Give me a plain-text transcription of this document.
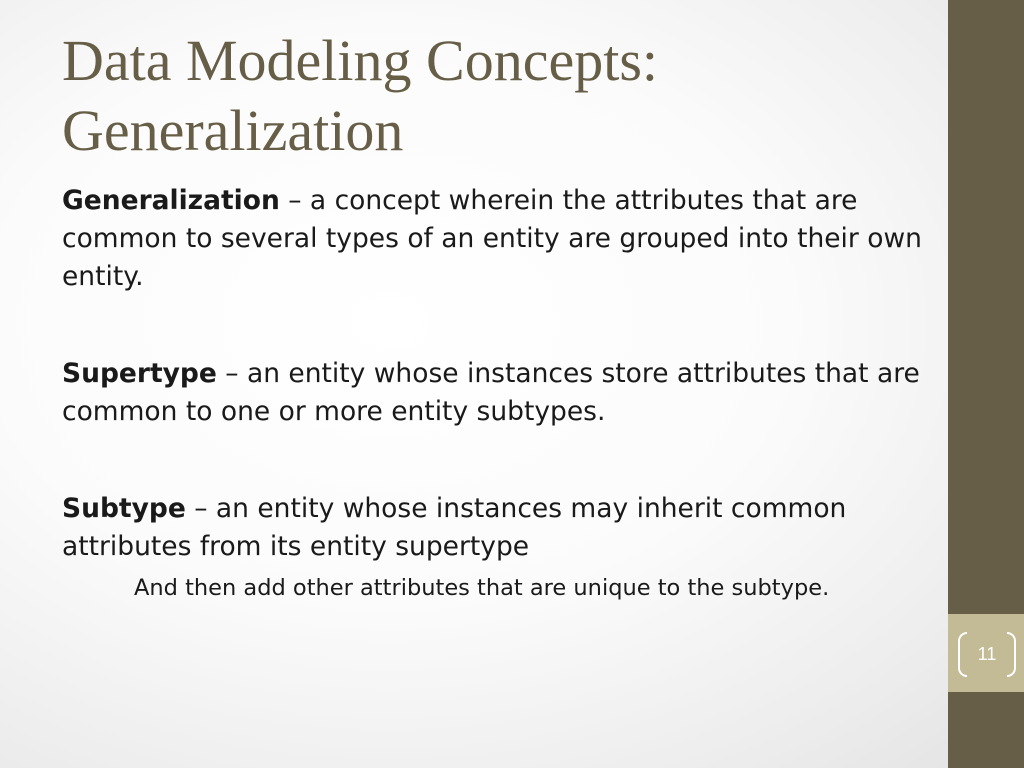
11
Data Modeling Concepts:
Generalization

Generalization – a concept wherein the attributes that are common to several types of an entity are grouped into their own entity.

Supertype – an entity whose instances store attributes that are common to one or more entity subtypes.

Subtype – an entity whose instances may inherit common attributes from its entity supertype

And then add other attributes that are unique to the subtype.
